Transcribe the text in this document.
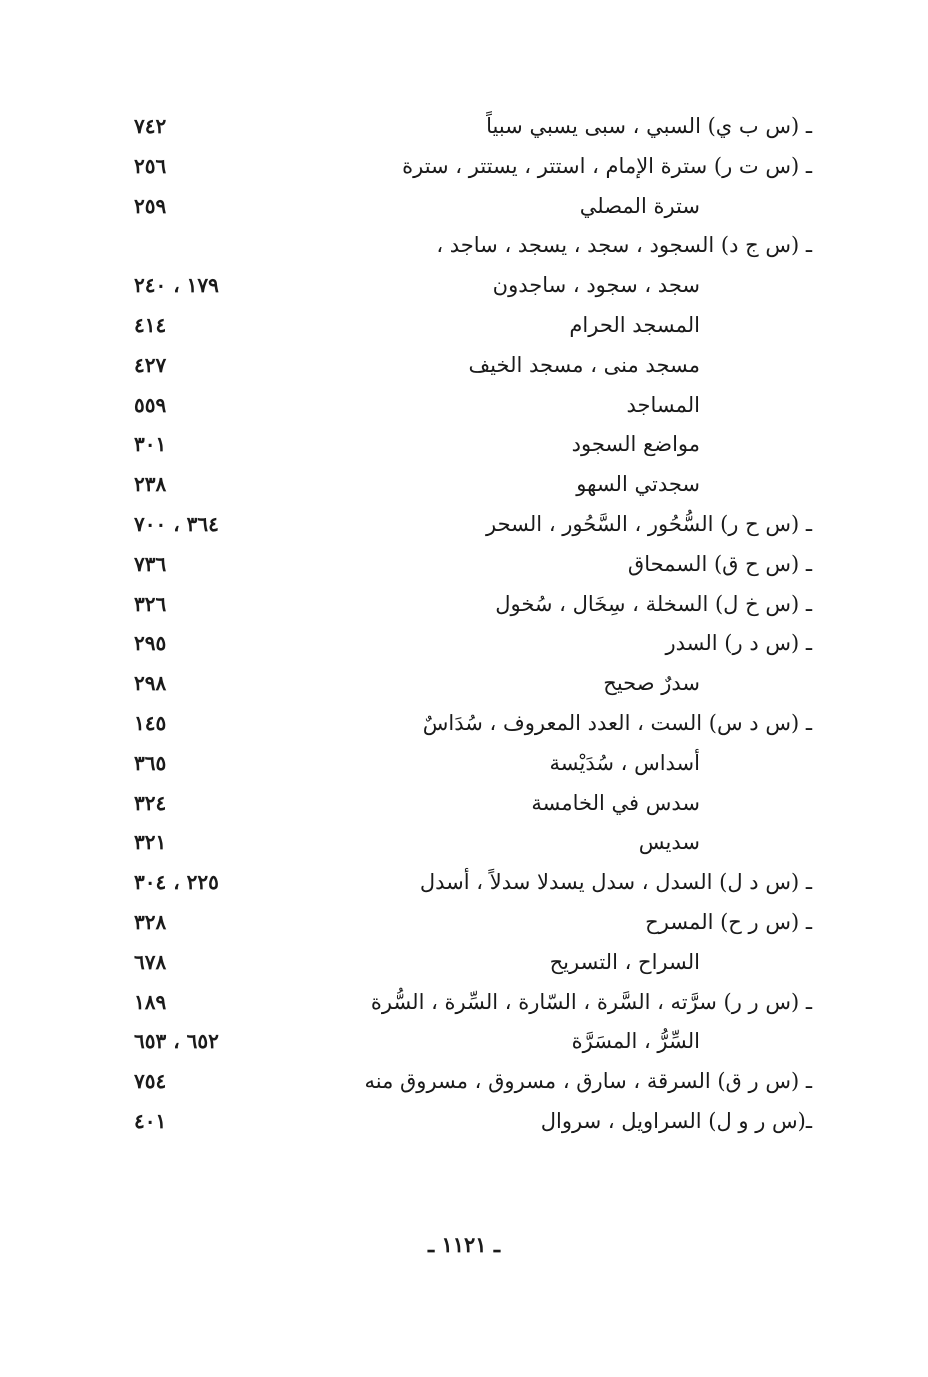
ـ (س ب ي) السبي ، سبى يسبي سبياً
٧٤٢
ـ (س ت ر) سترة الإمام ، استتر ، يستتر ، سترة
٢٥٦
سترة المصلي
٢٥٩
ـ (س ج د) السجود ، سجد ، يسجد ، ساجد ،
سجد ، سجود ، ساجدون
١٧٩ ، ٢٤٠
المسجد الحرام
٤١٤
مسجد منى ، مسجد الخيف
٤٢٧
المساجد
٥٥٩
مواضع السجود
٣٠١
سجدتي السهو
٢٣٨
ـ (س ح ر) السُّحُور ، السَّحُور ، السحر
٣٦٤ ، ٧٠٠
ـ (س ح ق) السمحاق
٧٣٦
ـ (س خ ل) السخلة ، سِخَال ، سُخول
٣٢٦
ـ (س د ر) السدر
٢٩٥
سدرٌ صحيح
٢٩٨
ـ (س د س) الست ، العدد المعروف ، سُدَاسٌ
١٤٥
أسداس ، سُدَيْسة
٣٦٥
سدس في الخامسة
٣٢٤
سديس
٣٢١
ـ (س د ل) السدل ، سدل يسدلا سدلاً ، أسدل
٢٢٥ ، ٣٠٤
ـ (س ر ح) المسرح
٣٢٨
السراح ، التسريح
٦٧٨
ـ (س ر ر) سرَّته ، السَّرة ، السّارة ، السِّرة ، السُّرة
١٨٩
السِّرُّ ، المسَرَّة
٦٥٢ ، ٦٥٣
ـ (س ر ق) السرقة ، سارق ، مسروق ، مسروق منه
٧٥٤
ـ(س ر و ل) السراويل ، سروال
٤٠١
ـ ١١٢١ ـ
